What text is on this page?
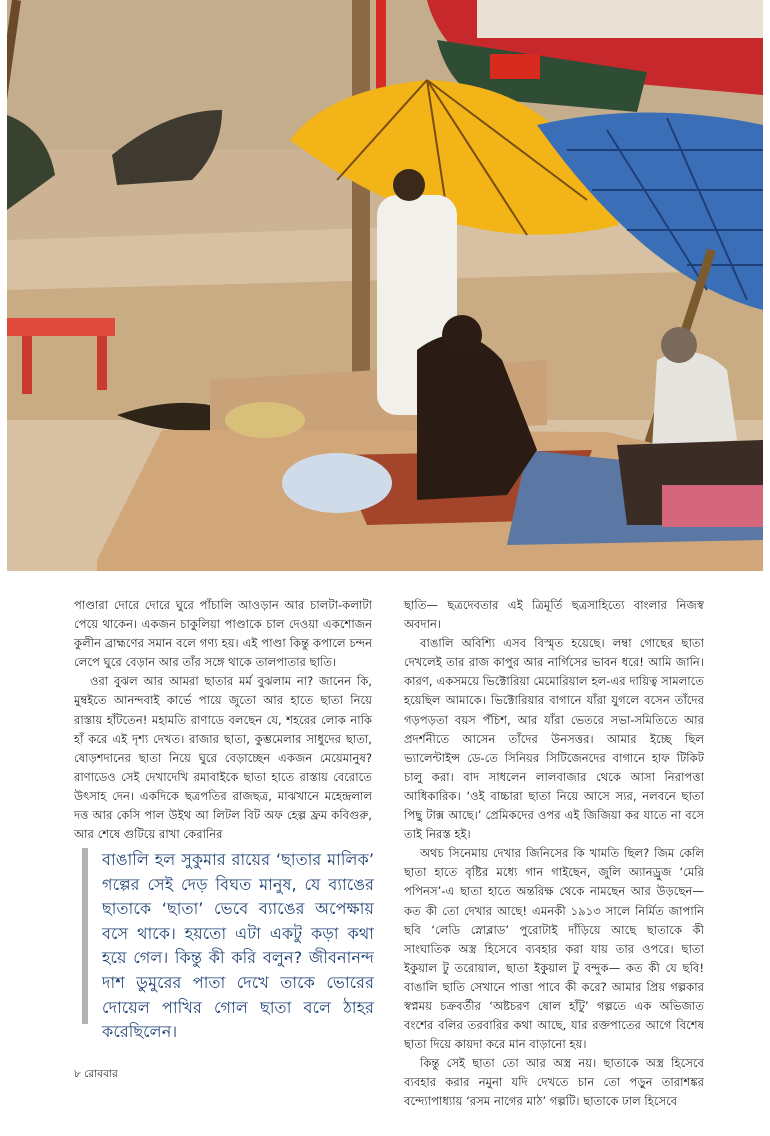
পাণ্ডারা দোরে দোরে ঘুরে পাঁচালি আওড়ান আর চালটা-কলাটা পেয়ে থাকেন। একজন চাকুলিয়া পাণ্ডাকে চাল দেওয়া একশোজন কুলীন ব্রাহ্মণের সমান বলে গণ্য হয়। এই পাণ্ডা কিন্তু কপালে চন্দন লেপে ঘুরে বেড়ান আর তাঁর সঙ্গে থাকে তালপাতার ছাতি।

ওরা বুঝল আর আমরা ছাতার মর্ম বুঝলাম না? জানেন কি, মুম্বইতে আনন্দবাই কার্ভে পায়ে জুতো আর হাতে ছাতা নিয়ে রাস্তায় হাঁটতেন! মহামতি রাণাডে বলছেন যে, শহরের লোক নাকি হাঁ করে এই দৃশ্য দেখত। রাজার ছাতা, কুম্ভমেলার সাধুদের ছাতা, ষোড়শদানের ছাতা নিয়ে ঘুরে বেড়াচ্ছেন একজন মেয়েমানুষ? রাণাডেও সেই দেখাদেখি রমাবাইকে ছাতা হাতে রাস্তায় বেরোতে উৎসাহ দেন। একদিকে ছত্রপতির রাজছত্র, মাঝখানে মহেন্দ্রলাল দত্ত আর কেসি পাল উইথ আ লিটল বিট অফ হেল্প ফ্রম কবিগুরু, আর শেষে গুটিয়ে রাখা কেরানির

বাঙালি হল সুকুমার রায়ের ‘ছাতার মালিক’ গল্পের সেই দেড় বিঘত মানুষ, যে ব্যাঙের ছাতাকে ‘ছাতা’ ভেবে ব্যাঙের অপেক্ষায় বসে থাকে। হয়তো এটা একটু কড়া কথা হয়ে গেল। কিন্তু কী করি বলুন? জীবনানন্দ দাশ ডুমুরের পাতা দেখে তাকে ভোরের দোয়েল পাখির গোল ছাতা বলে ঠাহর করেছিলেন।

ছাতি— ছত্রদেবতার এই ত্রিমূর্তি ছত্রসাহিত্যে বাংলার নিজস্ব অবদান।

বাঙালি অবিশ্যি এসব বিস্মৃত হয়েছে। লম্বা গোছের ছাতা দেখলেই তার রাজ কাপুর আর নার্গিসের ভাবন ধরে! আমি জানি। কারণ, একসময়ে ভিক্টোরিয়া মেমোরিয়াল হল-এর দায়িত্ব সামলাতে হয়েছিল আমাকে। ভিক্টোরিয়ার বাগানে যাঁরা যুগলে বসেন তাঁদের গড়পড়তা বয়স পঁচিশ, আর যাঁরা ভেতরে সভা-সমিতিতে আর প্রদর্শনীতে আসেন তাঁদের উনসত্তর। আমার ইচ্ছে ছিল ভ্যালেন্টাইন্স ডে-তে সিনিয়র সিটিজেনদের বাগানে হাফ টিকিট চালু করা। বাদ সাধলেন লালবাজার থেকে আসা নিরাপত্তা আধিকারিক। ‘ওই বাচ্চারা ছাতা নিয়ে আসে স্যর, নলবনে ছাতা পিছু টাক্স আছে।’ প্রেমিকদের ওপর এই জিজিয়া কর যাতে না বসে তাই নিরস্ত হই।

অথচ সিনেমায় দেখার জিনিসের কি খামতি ছিল? জিম কেলি ছাতা হাতে বৃষ্টির মধ্যে গান গাইছেন, জুলি অ্যানড্রুজ ‘মেরি পপিনস’-এ ছাতা হাতে অন্তরিক্ষ থেকে নামছেন আর উড়ছেন— কত কী তো দেখার আছে! এমনকী ১৯১৩ সালে নির্মিত জাপানি ছবি ‘লেডি স্নোব্লাড’ পুরোটাই দাঁড়িয়ে আছে ছাতাকে কী সাংঘাতিক অস্ত্র হিসেবে ব্যবহার করা যায় তার ওপরে। ছাতা ইকুয়াল টু তরোয়াল, ছাতা ইকুয়াল টু বন্দুক— কত কী যে ছবি! বাঙালি ছাতি সেখানে পাত্তা পাবে কী করে? আমার প্রিয় গল্পকার স্বপ্নময় চক্রবর্তীর ‘অষ্টচরণ ষোল হাঁটু’ গল্পতে এক অভিজাত বংশের বলির তরবারির কথা আছে, যার রক্তপাতের আগে বিশেষ ছাতা দিয়ে কায়দা করে মান বাড়ানো হয়।

কিন্তু সেই ছাতা তো আর অস্ত্র নয়। ছাতাকে অস্ত্র হিসেবে ব্যবহার করার নমুনা যদি দেখতে চান তো পড়ুন তারাশঙ্কর বন্দ্যোপাধ্যায় ‘রসম নাগের মাঠ’ গল্পটি। ছাতাকে ঢাল হিসেবে

৮ রোববার
